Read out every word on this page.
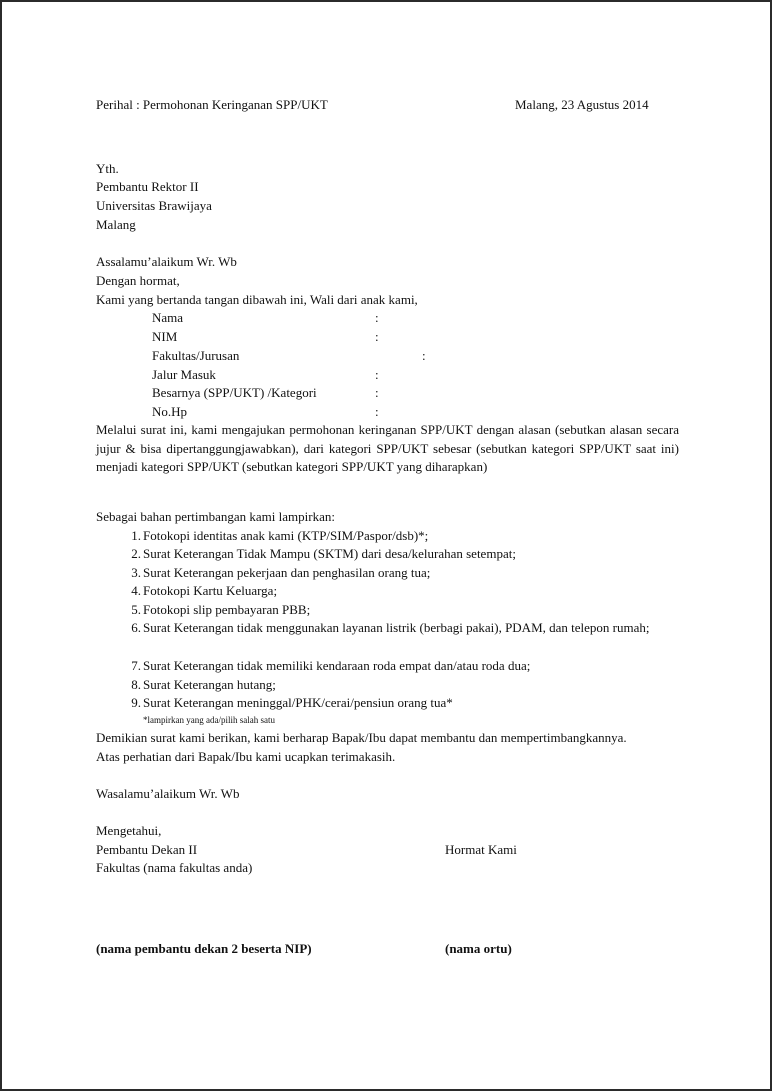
Perihal : Permohonan Keringanan SPP/UKT	Malang, 23 Agustus 2014
Yth.
Pembantu Rektor II
Universitas Brawijaya
Malang
Assalamu’alaikum Wr. Wb
Dengan hormat,
Kami yang bertanda tangan dibawah ini, Wali dari anak kami,
Nama	:
NIM	:
Fakultas/Jurusan	:
Jalur Masuk	:
Besarnya (SPP/UKT) /Kategori	:
No.Hp	:
Melalui surat ini, kami mengajukan permohonan keringanan SPP/UKT dengan alasan (sebutkan alasan secara jujur & bisa dipertanggungjawabkan), dari kategori SPP/UKT sebesar (sebutkan kategori SPP/UKT saat ini) menjadi kategori SPP/UKT (sebutkan kategori SPP/UKT yang diharapkan)
Sebagai bahan pertimbangan kami lampirkan:
1. Fotokopi identitas anak kami (KTP/SIM/Paspor/dsb)*;
2. Surat Keterangan Tidak Mampu (SKTM) dari desa/kelurahan setempat;
3. Surat Keterangan pekerjaan dan penghasilan orang tua;
4. Fotokopi Kartu Keluarga;
5. Fotokopi slip pembayaran PBB;
6. Surat Keterangan tidak menggunakan layanan listrik (berbagi pakai), PDAM, dan telepon rumah;
7. Surat Keterangan tidak memiliki kendaraan roda empat dan/atau roda dua;
8. Surat Keterangan hutang;
9. Surat Keterangan meninggal/PHK/cerai/pensiun orang tua*
*lampirkan yang ada/pilih salah satu
Demikian surat kami berikan, kami berharap Bapak/Ibu dapat membantu dan mempertimbangkannya.
Atas perhatian dari Bapak/Ibu kami ucapkan terimakasih.
Wasalamu’alaikum Wr. Wb
Mengetahui,
Pembantu Dekan II	Hormat Kami
Fakultas (nama fakultas anda)
(nama pembantu dekan 2 beserta NIP)	(nama ortu)
